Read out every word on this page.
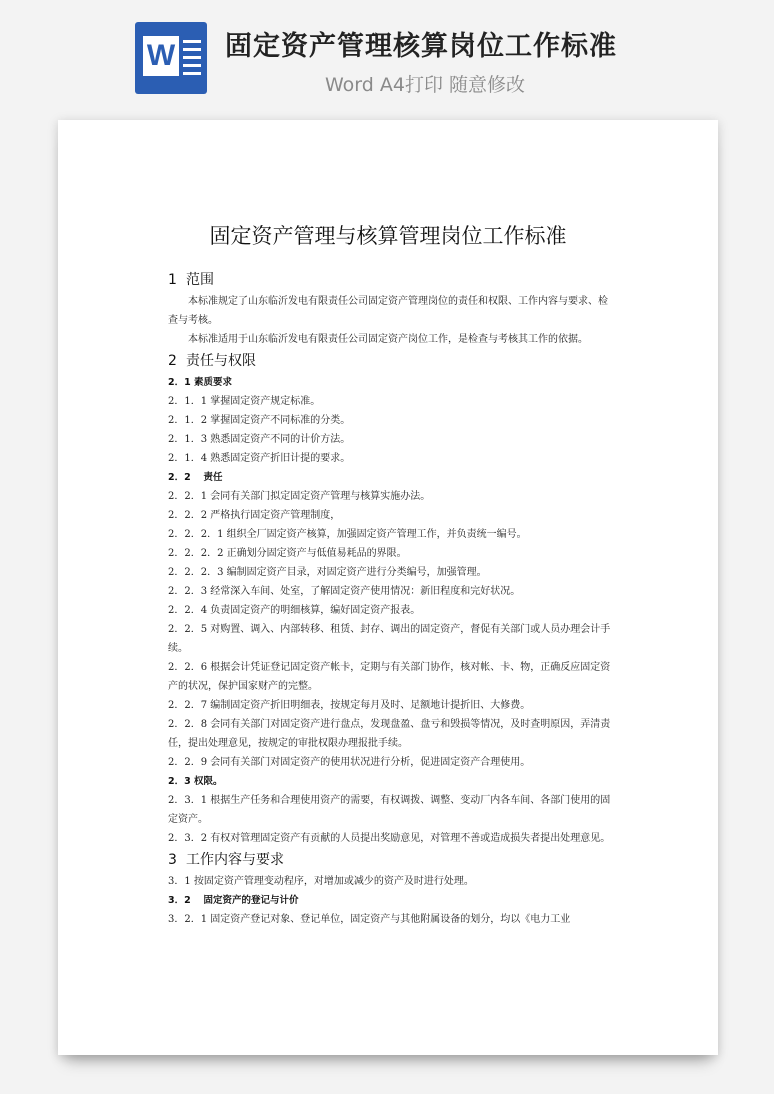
W 固定资产管理核算岗位工作标准
Word A4打印 随意修改
固定资产管理与核算管理岗位工作标准
1 范围
本标准规定了山东临沂发电有限责任公司固定资产管理岗位的责任和权限、工作内容与要求、检查与考核。
本标准适用于山东临沂发电有限责任公司固定资产岗位工作，是检查与考核其工作的依据。
2 责任与权限
2．1 素质要求
2．1．1 掌握固定资产规定标准。
2．1．2 掌握固定资产不同标准的分类。
2．1．3 熟悉固定资产不同的计价方法。
2．1．4 熟悉固定资产折旧计提的要求。
2．2　 责任
2．2．1 会同有关部门拟定固定资产管理与核算实施办法。
2．2．2 严格执行固定资产管理制度，
2．2．2．1 组织全厂固定资产核算，加强固定资产管理工作，并负责统一编号。
2．2．2．2 正确划分固定资产与低值易耗品的界限。
2．2．2．3 编制固定资产目录，对固定资产进行分类编号，加强管理。
2．2．3 经常深入车间、处室，了解固定资产使用情况：新旧程度和完好状况。
2．2．4 负责固定资产的明细核算，编好固定资产报表。
2．2．5 对购置、调入、内部转移、租赁、封存、调出的固定资产，督促有关部门或人员办理会计手续。
2．2．6 根据会计凭证登记固定资产帐卡，定期与有关部门协作，核对帐、卡、物，正确反应固定资产的状况，保护国家财产的完整。
2．2．7 编制固定资产折旧明细表，按规定每月及时、足额地计提折旧、大修费。
2．2．8 会同有关部门对固定资产进行盘点，发现盘盈、盘亏和毁损等情况，及时查明原因，弄清责任，提出处理意见，按规定的审批权限办理报批手续。
2．2．9 会同有关部门对固定资产的使用状况进行分析，促进固定资产合理使用。
2．3 权限。
2．3．1 根据生产任务和合理使用资产的需要，有权调拨、调整、变动厂内各车间、各部门使用的固定资产。
2．3．2 有权对管理固定资产有贡献的人员提出奖励意见，对管理不善或造成损失者提出处理意见。
3 工作内容与要求
3．1 按固定资产管理变动程序，对增加或减少的资产及时进行处理。
3．2　 固定资产的登记与计价
3．2．1 固定资产登记对象、登记单位，固定资产与其他附属设备的划分，均以《电力工业
